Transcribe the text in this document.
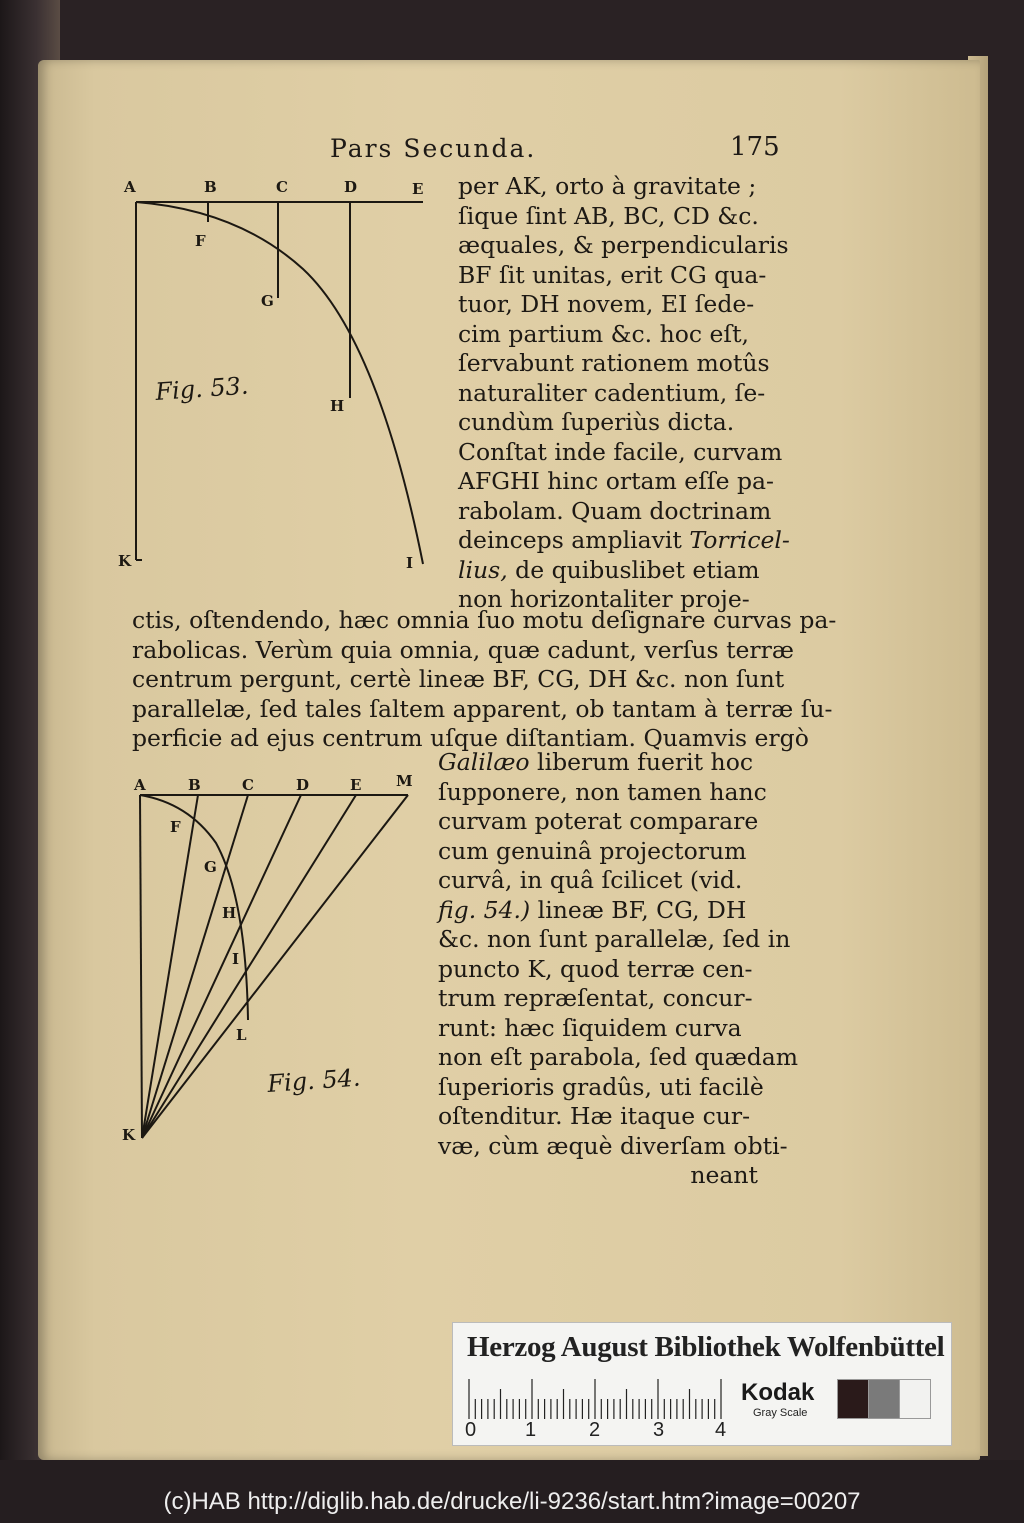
Pars Secunda.	175
A	B	C	D	E
F
G
H
I
K
Fig. 53.
per AK, orto à gravitate ;
ſique ſint AB, BC, CD &c.
æquales, & perpendicularis
BF ſit unitas, erit CG qua-
tuor, DH novem, EI ſede-
cim partium &c. hoc eſt,
ſervabunt rationem motûs
naturaliter cadentium, ſe-
cundùm ſuperiùs dicta.
Conſtat inde facile, curvam
AFGHI hinc ortam eſſe pa-
rabolam. Quam doctrinam
deinceps ampliavit Torricel-
lius, de quibuslibet etiam
non horizontaliter proje-
ctis, oſtendendo, hæc omnia ſuo motu deſignare curvas pa-
rabolicas. Verùm quia omnia, quæ cadunt, verſus terræ
centrum pergunt, certè lineæ BF, CG, DH &c. non ſunt
parallelæ, ſed tales ſaltem apparent, ob tantam à terræ ſu-
perficie ad ejus centrum uſque diſtantiam. Quamvis ergò
A	B	C	D	E M
F
G
H
I
L
K
Fig. 54.
Galilæo liberum fuerit hoc
ſupponere, non tamen hanc
curvam poterat comparare
cum genuinâ projectorum
curvâ, in quâ ſcilicet (vid.
fig. 54.) lineæ BF, CG, DH
&c. non ſunt parallelæ, ſed in
puncto K, quod terræ cen-
trum repræſentat, concur-
runt: hæc ſiquidem curva
non eſt parabola, ſed quædam
ſuperioris gradûs, uti facilè
oſtenditur. Hæ itaque cur-
væ, cùm æquè diverſam obti-
neant
Herzog August Bibliothek Wolfenbüttel
0 1	2	3	4
Kodak
Gray Scale
(c)HAB http://diglib.hab.de/drucke/li-9236/start.htm?image=00207
